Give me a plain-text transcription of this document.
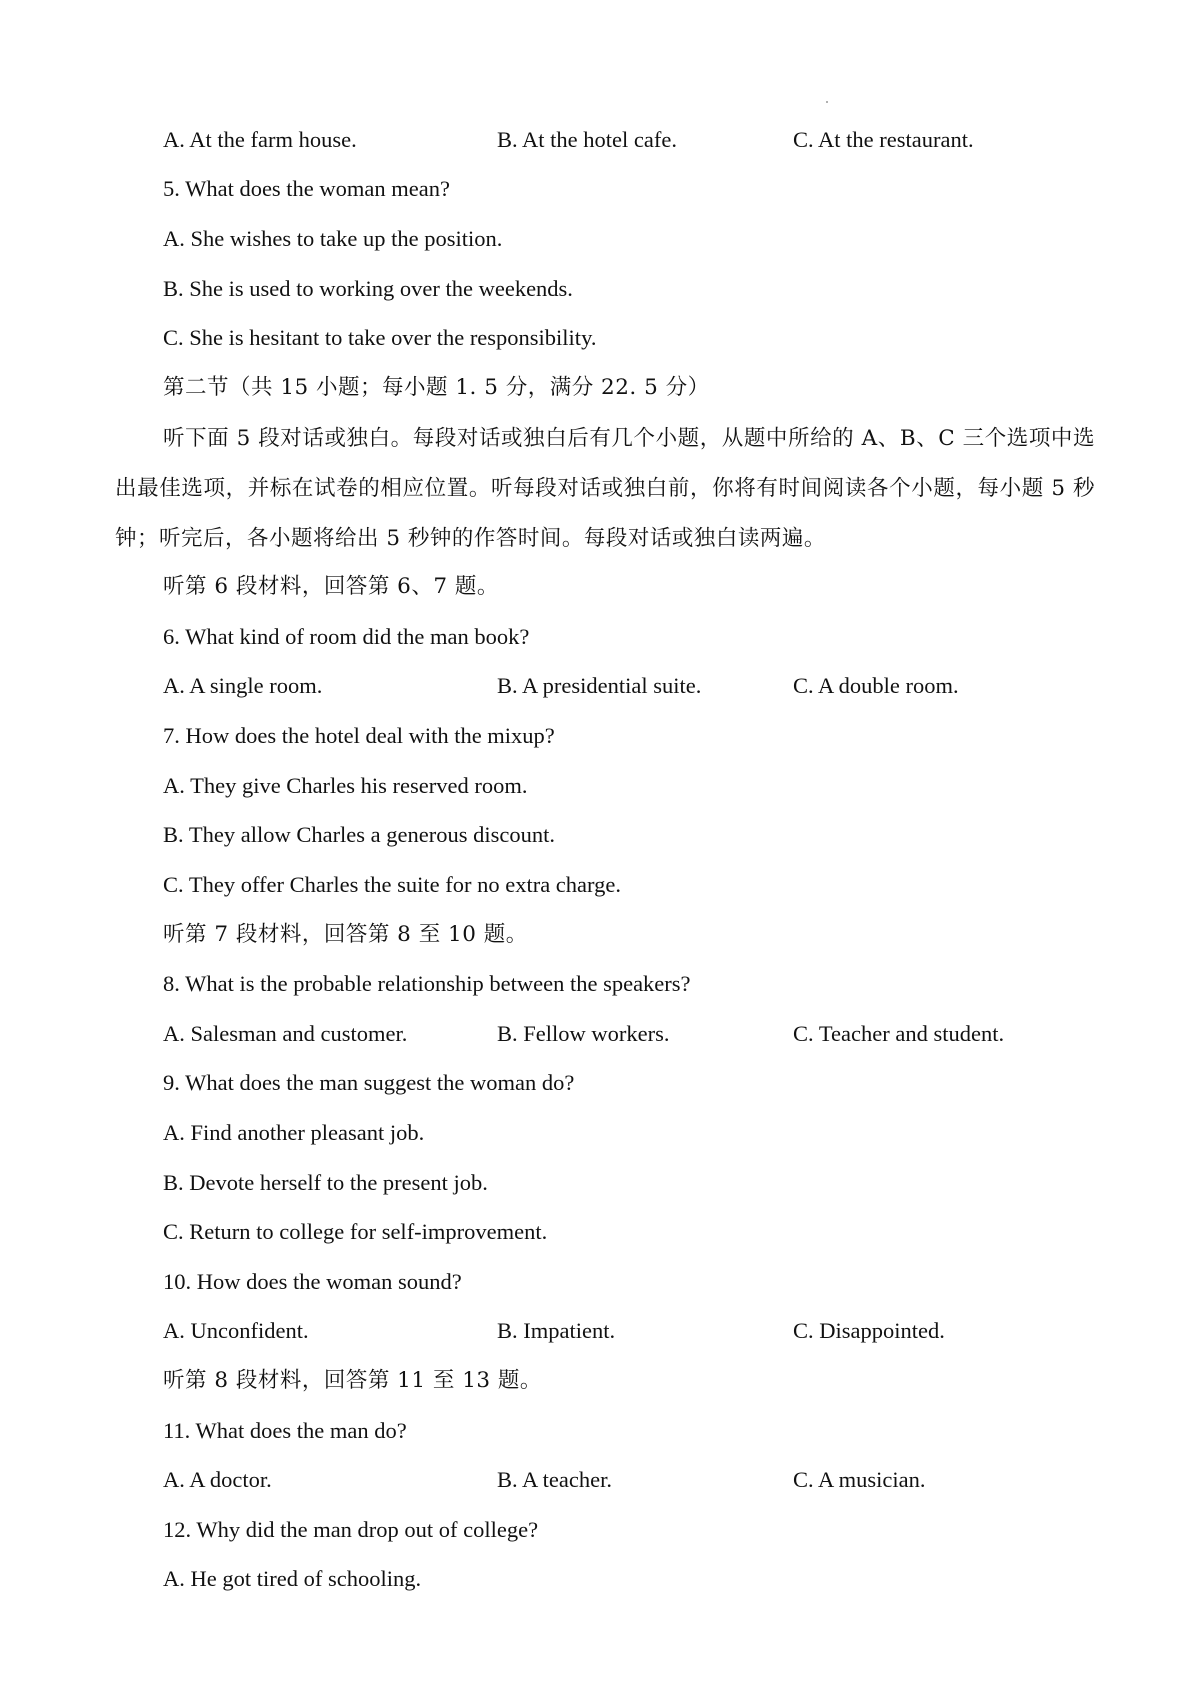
A. At the farm house.	B. At the hotel cafe.	C. At the restaurant.
5. What does the woman mean?
A. She wishes to take up the position.
B. She is used to working over the weekends.
C. She is hesitant to take over the responsibility.
第二节（共 15 小题；每小题 1. 5 分，满分 22. 5 分）
听下面 5 段对话或独白。每段对话或独白后有几个小题，从题中所给的 A、B、C 三个选项中选出最佳选项，并标在试卷的相应位置。听每段对话或独白前，你将有时间阅读各个小题，每小题 5 秒钟；听完后，各小题将给出 5 秒钟的作答时间。每段对话或独白读两遍。
听第 6 段材料，回答第 6、7 题。
6. What kind of room did the man book?
A. A single room.	B. A presidential suite.	C. A double room.
7. How does the hotel deal with the mixup?
A. They give Charles his reserved room.
B. They allow Charles a generous discount.
C. They offer Charles the suite for no extra charge.
听第 7 段材料，回答第 8 至 10 题。
8. What is the probable relationship between the speakers?
A. Salesman and customer.	B. Fellow workers.	C. Teacher and student.
9. What does the man suggest the woman do?
A. Find another pleasant job.
B. Devote herself to the present job.
C. Return to college for self-improvement.
10. How does the woman sound?
A. Unconfident.	B. Impatient.	C. Disappointed.
听第 8 段材料，回答第 11 至 13 题。
11. What does the man do?
A. A doctor.	B. A teacher.	C. A musician.
12. Why did the man drop out of college?
A. He got tired of schooling.
